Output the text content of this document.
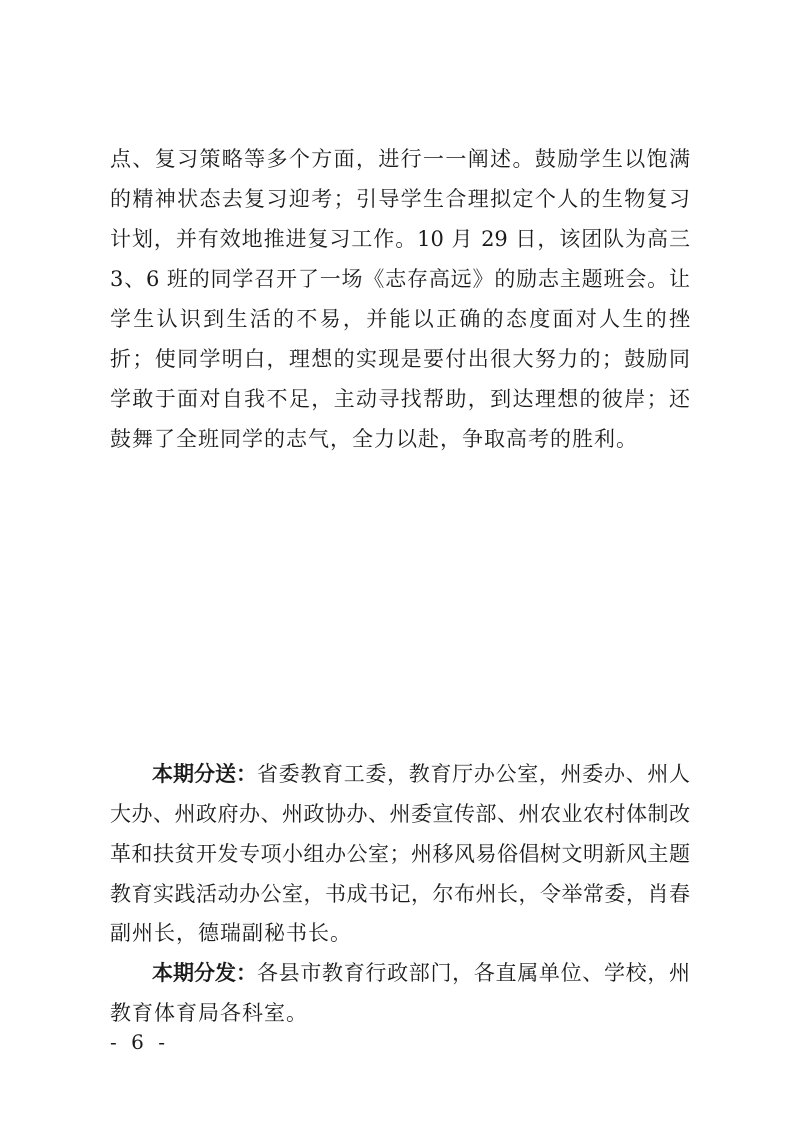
点、复习策略等多个方面，进行一一阐述。鼓励学生以饱满
的精神状态去复习迎考；引导学生合理拟定个人的生物复习
计划，并有效地推进复习工作。10 月 29 日，该团队为高三
3、6 班的同学召开了一场《志存高远》的励志主题班会。让
学生认识到生活的不易，并能以正确的态度面对人生的挫
折；使同学明白，理想的实现是要付出很大努力的；鼓励同
学敢于面对自我不足，主动寻找帮助，到达理想的彼岸；还
鼓舞了全班同学的志气，全力以赴，争取高考的胜利。
本期分送： 省委教育工委，教育厅办公室，州委办、州人
大办、州政府办、州政协办、州委宣传部、州农业农村体制改
革和扶贫开发专项小组办公室；州移风易俗倡树文明新风主题
教育实践活动办公室，书成书记，尔布州长，令举常委，肖春
副州长，德瑞副秘书长。
本期分发： 各县市教育行政部门，各直属单位、学校，州
教育体育局各科室。
- 6 -
